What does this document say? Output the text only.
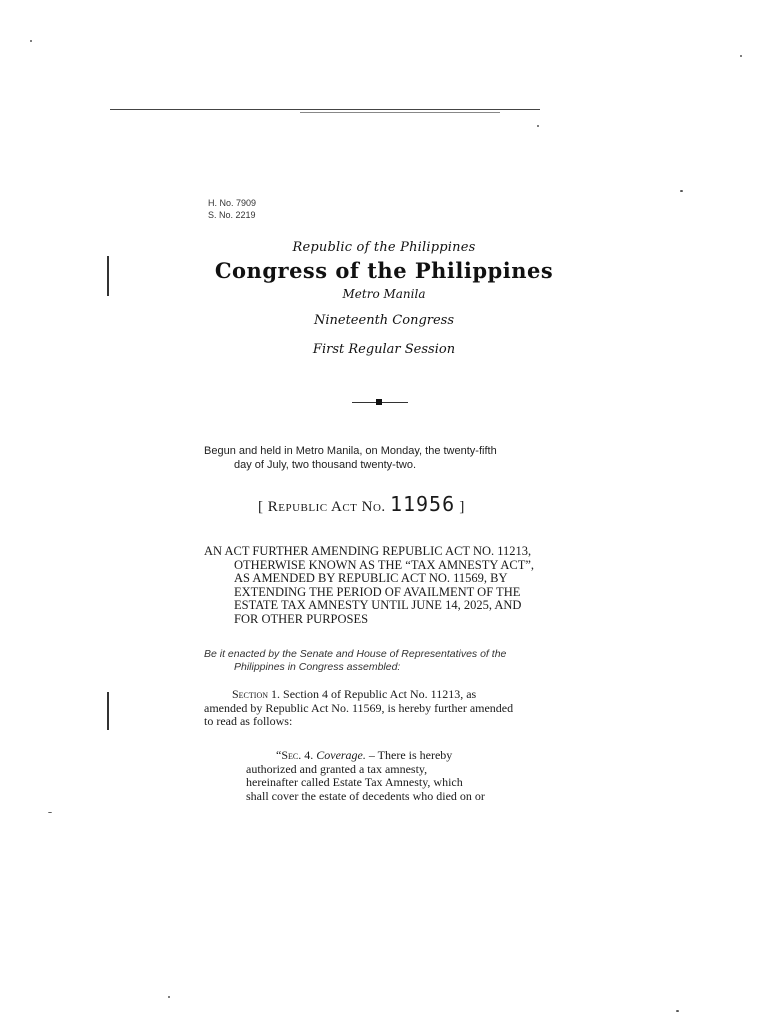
H. No. 7909
S. No. 2219
Republic of the Philippines
Congress of the Philippines
Metro Manila
Nineteenth Congress
First Regular Session
Begun and held in Metro Manila, on Monday, the twenty-fifth
day of July, two thousand twenty-two.
[ Republic Act No. 11956 ]
AN ACT FURTHER AMENDING REPUBLIC ACT NO. 11213,
OTHERWISE KNOWN AS THE “TAX AMNESTY ACT”,
AS AMENDED BY REPUBLIC ACT NO. 11569, BY
EXTENDING THE PERIOD OF AVAILMENT OF THE
ESTATE TAX AMNESTY UNTIL JUNE 14, 2025, AND
FOR OTHER PURPOSES
Be it enacted by the Senate and House of Representatives of the
Philippines in Congress assembled:
Section 1. Section 4 of Republic Act No. 11213, as
amended by Republic Act No. 11569, is hereby further amended
to read as follows:
“Sec. 4. Coverage. – There is hereby
authorized and granted a tax amnesty,
hereinafter called Estate Tax Amnesty, which
shall cover the estate of decedents who died on or
